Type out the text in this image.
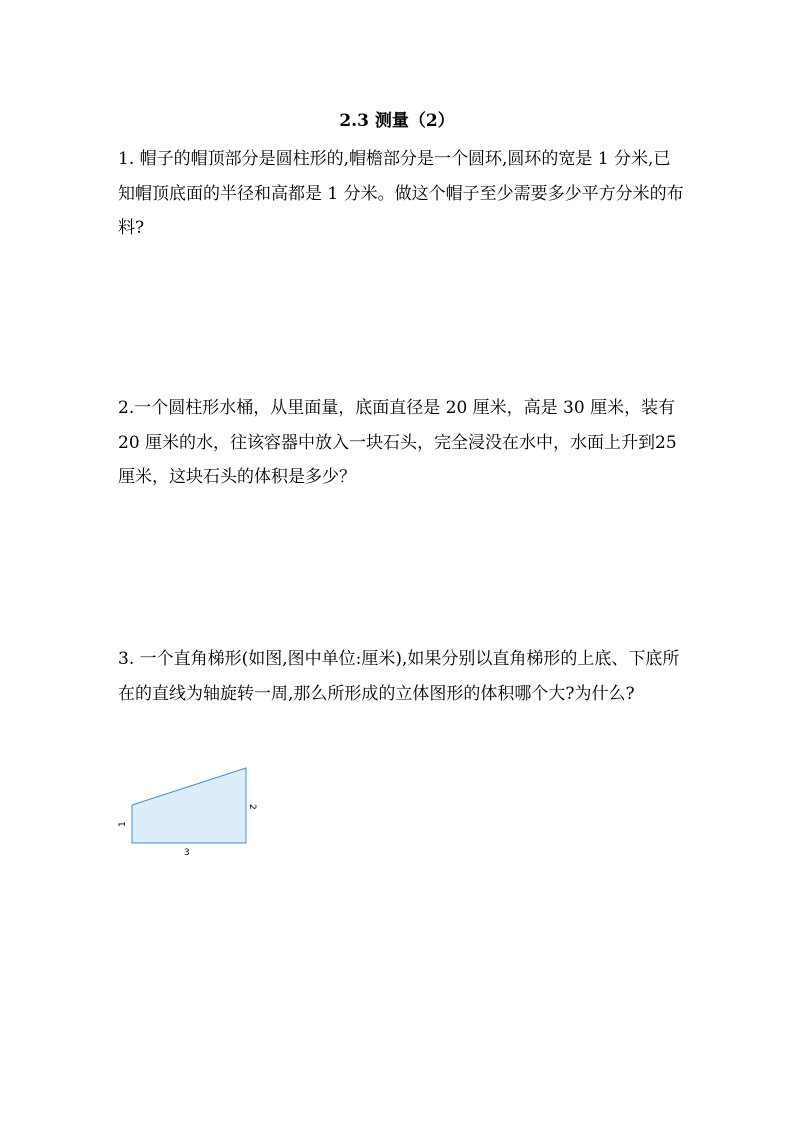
2.3 测量（2）

1. 帽子的帽顶部分是圆柱形的,帽檐部分是一个圆环,圆环的宽是 1 分米,已知帽顶底面的半径和高都是 1 分米。做这个帽子至少需要多少平方分米的布料?

2.一个圆柱形水桶，从里面量，底面直径是 20 厘米，高是 30 厘米，装有 20 厘米的水，往该容器中放入一块石头，完全浸没在水中，水面上升到25 厘米，这块石头的体积是多少？

3. 一个直角梯形(如图,图中单位:厘米),如果分别以直角梯形的上底、下底所在的直线为轴旋转一周,那么所形成的立体图形的体积哪个大?为什么?

1
2
3
